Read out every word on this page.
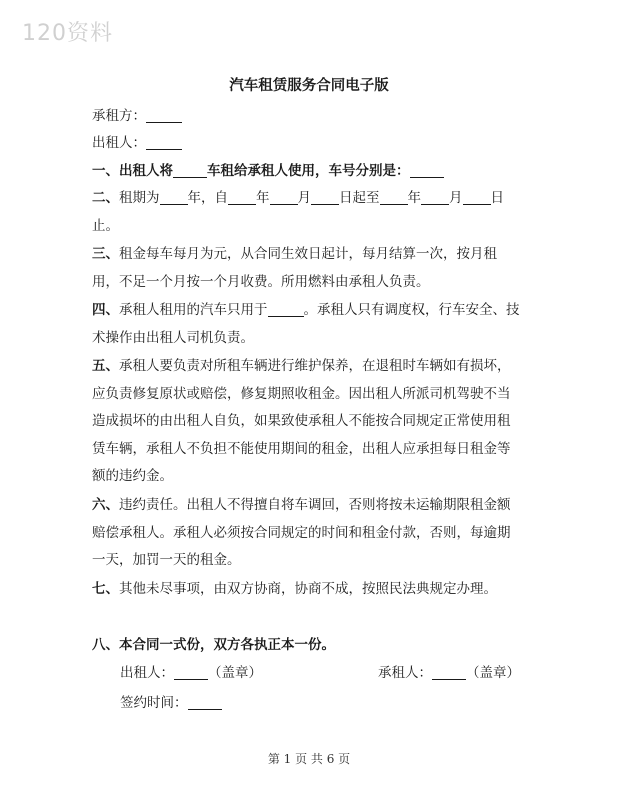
120资料
汽车租赁服务合同电子版
承租方：
出租人：
一、出租人将	车租给承租人使用，车号分别是：
二、租期为 年，自 年 月 日起至 年 月 日止。
三、租金每车每月为元，从合同生效日起计，每月结算一次，按月租用，不足一个月按一个月收费。所用燃料由承租人负责。
四、承租人租用的汽车只用于	。承租人只有调度权，行车安全、技术操作由出租人司机负责。
五、承租人要负责对所租车辆进行维护保养，在退租时车辆如有损坏，应负责修复原状或赔偿，修复期照收租金。因出租人所派司机驾驶不当造成损坏的由出租人自负，如果致使承租人不能按合同规定正常使用租赁车辆，承租人不负担不能使用期间的租金，出租人应承担每日租金等额的违约金。
六、违约责任。出租人不得擅自将车调回，否则将按未运输期限租金额赔偿承租人。承租人必须按合同规定的时间和租金付款，否则，每逾期一天，加罚一天的租金。
七、其他未尽事项，由双方协商，协商不成，按照民法典规定办理。
八、本合同一式份，双方各执正本一份。
出租人：	（盖章）	承租人：	（盖章）
签约时间：
第 1 页 共 6 页
